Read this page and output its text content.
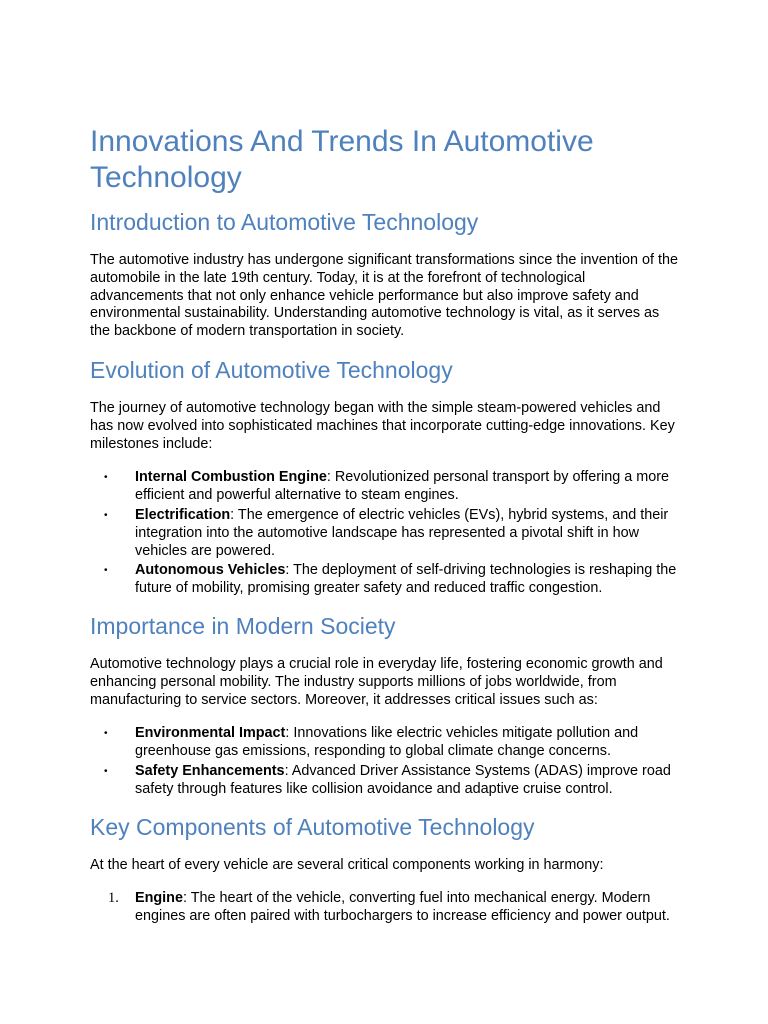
Innovations And Trends In Automotive Technology
Introduction to Automotive Technology

The automotive industry has undergone significant transformations since the invention of the automobile in the late 19th century. Today, it is at the forefront of technological advancements that not only enhance vehicle performance but also improve safety and environmental sustainability. Understanding automotive technology is vital, as it serves as the backbone of modern transportation in society.

Evolution of Automotive Technology

The journey of automotive technology began with the simple steam-powered vehicles and has now evolved into sophisticated machines that incorporate cutting-edge innovations. Key milestones include:

• Internal Combustion Engine: Revolutionized personal transport by offering a more efficient and powerful alternative to steam engines.
• Electrification: The emergence of electric vehicles (EVs), hybrid systems, and their integration into the automotive landscape has represented a pivotal shift in how vehicles are powered.
• Autonomous Vehicles: The deployment of self-driving technologies is reshaping the future of mobility, promising greater safety and reduced traffic congestion.
Importance in Modern Society

Automotive technology plays a crucial role in everyday life, fostering economic growth and enhancing personal mobility. The industry supports millions of jobs worldwide, from manufacturing to service sectors. Moreover, it addresses critical issues such as:

• Environmental Impact: Innovations like electric vehicles mitigate pollution and greenhouse gas emissions, responding to global climate change concerns.
• Safety Enhancements: Advanced Driver Assistance Systems (ADAS) improve road safety through features like collision avoidance and adaptive cruise control.
Key Components of Automotive Technology

At the heart of every vehicle are several critical components working in harmony:

1. Engine: The heart of the vehicle, converting fuel into mechanical energy. Modern engines are often paired with turbochargers to increase efficiency and power output.
